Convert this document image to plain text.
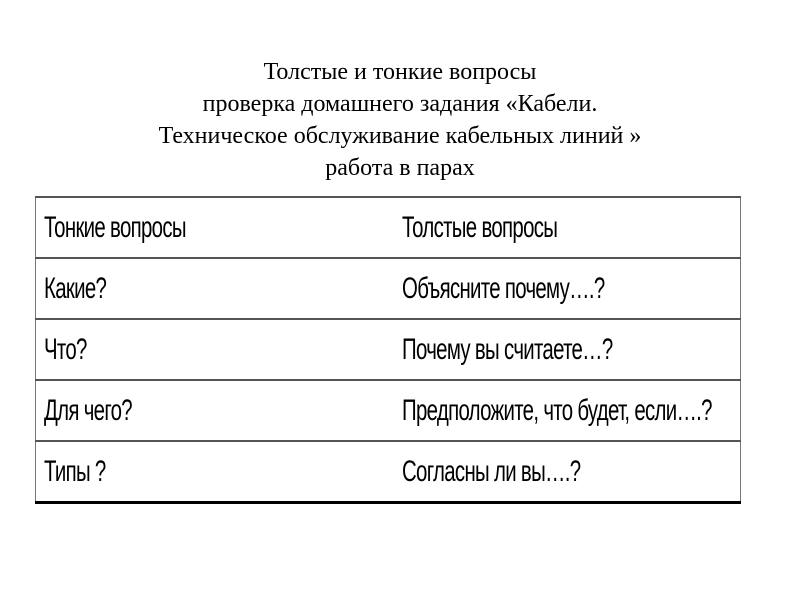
Толстые и тонкие вопросы
проверка домашнего задания «Кабели.
Техническое обслуживание кабельных линий »
работа в парах
Тонкие вопросы	Толстые вопросы
Какие?	Объясните почему….?
Что?	Почему вы считаете…?
Для чего?	Предположите, что будет, если….?
Типы ?	Согласны ли вы….?
